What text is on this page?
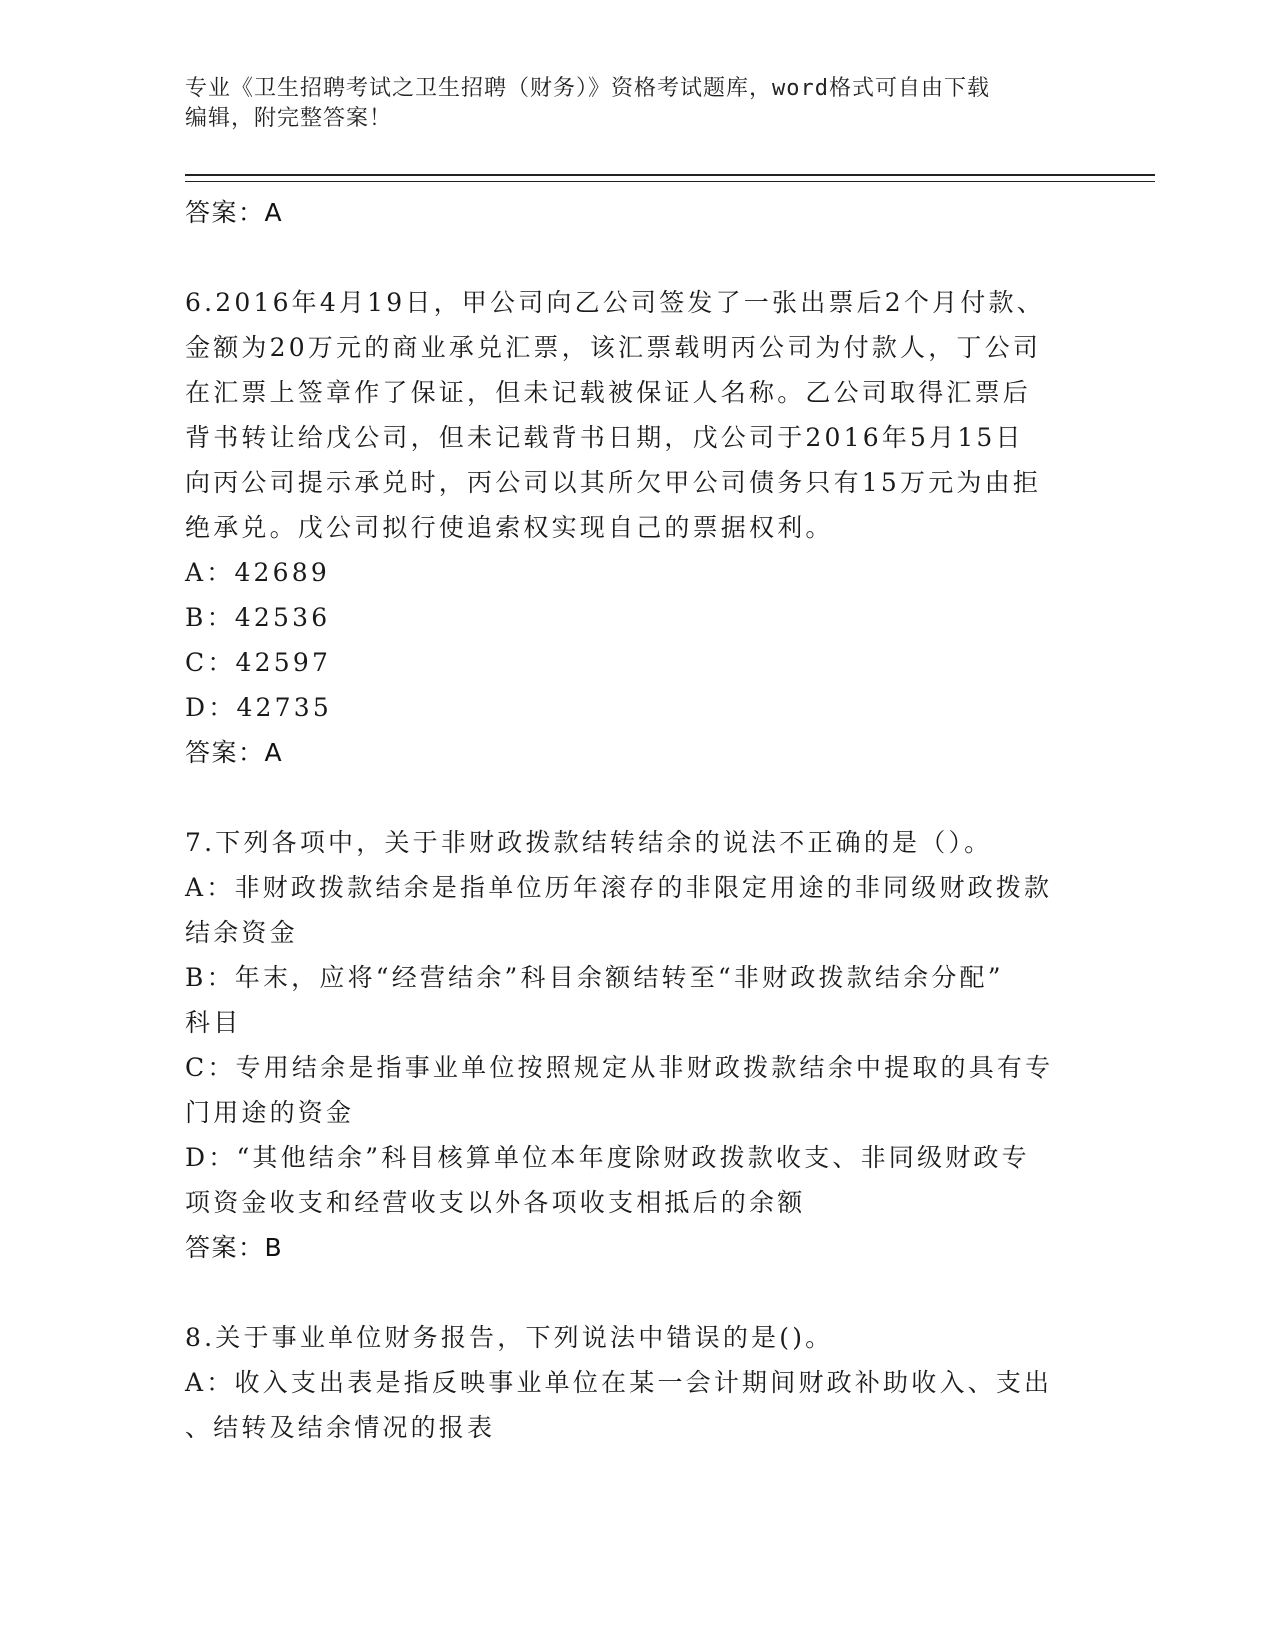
专业《卫生招聘考试之卫生招聘（财务）》资格考试题库，word格式可自由下载
编辑，附完整答案！
答案：A
6.2016年4月19日，甲公司向乙公司签发了一张出票后2个月付款、
金额为20万元的商业承兑汇票，该汇票载明丙公司为付款人，丁公司
在汇票上签章作了保证，但未记载被保证人名称。乙公司取得汇票后
背书转让给戊公司，但未记载背书日期，戊公司于2016年5月15日
向丙公司提示承兑时，丙公司以其所欠甲公司债务只有15万元为由拒
绝承兑。戊公司拟行使追索权实现自己的票据权利。
A：42689
B：42536
C：42597
D：42735
答案：A
7.下列各项中，关于非财政拨款结转结余的说法不正确的是（）。
A：非财政拨款结余是指单位历年滚存的非限定用途的非同级财政拨款
结余资金
B：年末，应将“经营结余”科目余额结转至“非财政拨款结余分配”
科目
C：专用结余是指事业单位按照规定从非财政拨款结余中提取的具有专
门用途的资金
D：“其他结余”科目核算单位本年度除财政拨款收支、非同级财政专
项资金收支和经营收支以外各项收支相抵后的余额
答案：B
8.关于事业单位财务报告，下列说法中错误的是()。
A：收入支出表是指反映事业单位在某一会计期间财政补助收入、支出
、结转及结余情况的报表
